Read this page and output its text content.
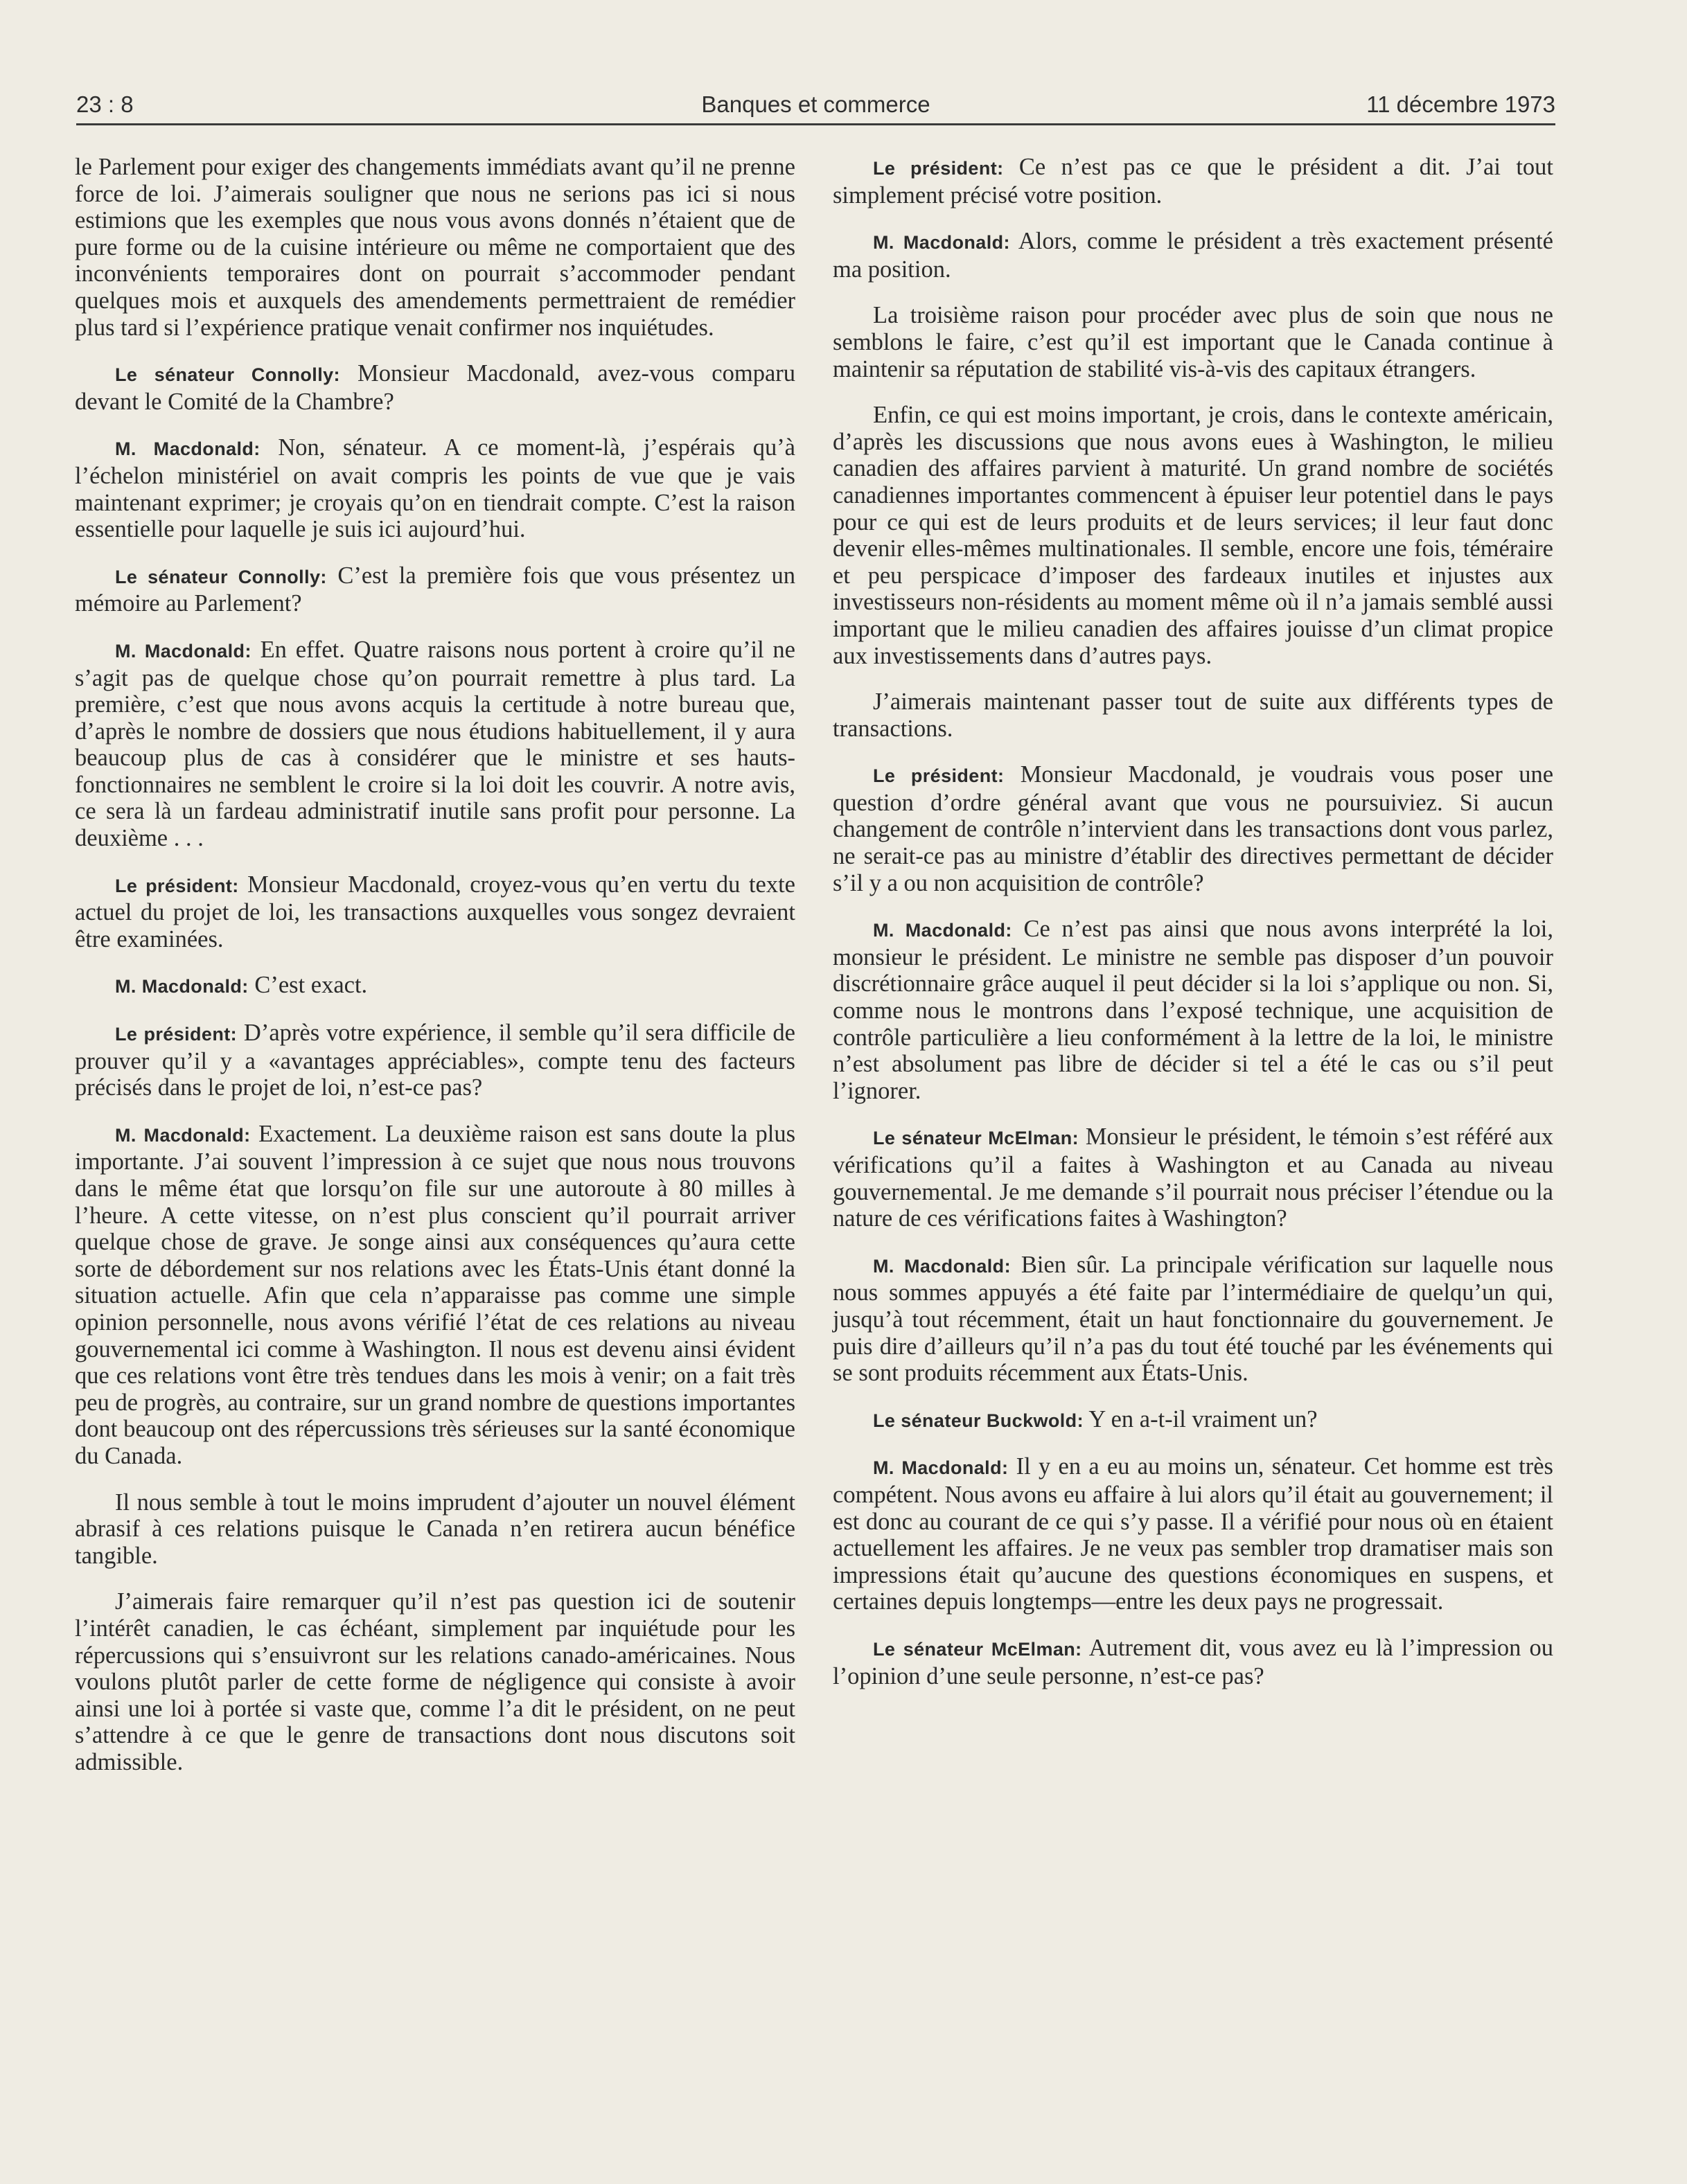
23 : 8	Banques et commerce	11 décembre 1973

le Parlement pour exiger des changements immédiats avant qu’il ne prenne force de loi. J’aimerais souligner que nous ne serions pas ici si nous estimions que les exemples que nous vous avons donnés n’étaient que de pure forme ou de la cuisine intérieure ou même ne comportaient que des inconvénients temporaires dont on pourrait s’accommoder pendant quelques mois et auxquels des amendements permettraient de remédier plus tard si l’expérience pratique venait confirmer nos inquiétudes.

Le sénateur Connolly: Monsieur Macdonald, avez-vous comparu devant le Comité de la Chambre?

M. Macdonald: Non, sénateur. A ce moment-là, j’espérais qu’à l’échelon ministériel on avait compris les points de vue que je vais maintenant exprimer; je croyais qu’on en tiendrait compte. C’est la raison essentielle pour laquelle je suis ici aujourd’hui.

Le sénateur Connolly: C’est la première fois que vous présentez un mémoire au Parlement?

M. Macdonald: En effet. Quatre raisons nous portent à croire qu’il ne s’agit pas de quelque chose qu’on pourrait remettre à plus tard. La première, c’est que nous avons acquis la certitude à notre bureau que, d’après le nombre de dossiers que nous étudions habituellement, il y aura beaucoup plus de cas à considérer que le ministre et ses hauts-fonctionnaires ne semblent le croire si la loi doit les couvrir. A notre avis, ce sera là un fardeau administratif inutile sans profit pour personne. La deuxième . . .

Le président: Monsieur Macdonald, croyez-vous qu’en vertu du texte actuel du projet de loi, les transactions auxquelles vous songez devraient être examinées.

M. Macdonald: C’est exact.

Le président: D’après votre expérience, il semble qu’il sera difficile de prouver qu’il y a «avantages appréciables», compte tenu des facteurs précisés dans le projet de loi, n’est-ce pas?

M. Macdonald: Exactement. La deuxième raison est sans doute la plus importante. J’ai souvent l’impression à ce sujet que nous nous trouvons dans le même état que lorsqu’on file sur une autoroute à 80 milles à l’heure. A cette vitesse, on n’est plus conscient qu’il pourrait arriver quelque chose de grave. Je songe ainsi aux conséquences qu’aura cette sorte de débordement sur nos relations avec les États-Unis étant donné la situation actuelle. Afin que cela n’apparaisse pas comme une simple opinion personnelle, nous avons vérifié l’état de ces relations au niveau gouvernemental ici comme à Washington. Il nous est devenu ainsi évident que ces relations vont être très tendues dans les mois à venir; on a fait très peu de progrès, au contraire, sur un grand nombre de questions importantes dont beaucoup ont des répercussions très sérieuses sur la santé économique du Canada.

Il nous semble à tout le moins imprudent d’ajouter un nouvel élément abrasif à ces relations puisque le Canada n’en retirera aucun bénéfice tangible.

J’aimerais faire remarquer qu’il n’est pas question ici de soutenir l’intérêt canadien, le cas échéant, simplement par inquiétude pour les répercussions qui s’ensuivront sur les relations canado-américaines. Nous voulons plutôt parler de cette forme de négligence qui consiste à avoir ainsi une loi à portée si vaste que, comme l’a dit le président, on ne peut s’attendre à ce que le genre de transactions dont nous discutons soit admissible.

Le président: Ce n’est pas ce que le président a dit. J’ai tout simplement précisé votre position.

M. Macdonald: Alors, comme le président a très exactement présenté ma position.

La troisième raison pour procéder avec plus de soin que nous ne semblons le faire, c’est qu’il est important que le Canada continue à maintenir sa réputation de stabilité vis-à-vis des capitaux étrangers.

Enfin, ce qui est moins important, je crois, dans le contexte américain, d’après les discussions que nous avons eues à Washington, le milieu canadien des affaires parvient à maturité. Un grand nombre de sociétés canadiennes importantes commencent à épuiser leur potentiel dans le pays pour ce qui est de leurs produits et de leurs services; il leur faut donc devenir elles-mêmes multinationales. Il semble, encore une fois, téméraire et peu perspicace d’imposer des fardeaux inutiles et injustes aux investisseurs non-résidents au moment même où il n’a jamais semblé aussi important que le milieu canadien des affaires jouisse d’un climat propice aux investissements dans d’autres pays.

J’aimerais maintenant passer tout de suite aux différents types de transactions.

Le président: Monsieur Macdonald, je voudrais vous poser une question d’ordre général avant que vous ne poursuiviez. Si aucun changement de contrôle n’intervient dans les transactions dont vous parlez, ne serait-ce pas au ministre d’établir des directives permettant de décider s’il y a ou non acquisition de contrôle?

M. Macdonald: Ce n’est pas ainsi que nous avons interprété la loi, monsieur le président. Le ministre ne semble pas disposer d’un pouvoir discrétionnaire grâce auquel il peut décider si la loi s’applique ou non. Si, comme nous le montrons dans l’exposé technique, une acquisition de contrôle particulière a lieu conformément à la lettre de la loi, le ministre n’est absolument pas libre de décider si tel a été le cas ou s’il peut l’ignorer.

Le sénateur McElman: Monsieur le président, le témoin s’est référé aux vérifications qu’il a faites à Washington et au Canada au niveau gouvernemental. Je me demande s’il pourrait nous préciser l’étendue ou la nature de ces vérifications faites à Washington?

M. Macdonald: Bien sûr. La principale vérification sur laquelle nous nous sommes appuyés a été faite par l’intermédiaire de quelqu’un qui, jusqu’à tout récemment, était un haut fonctionnaire du gouvernement. Je puis dire d’ailleurs qu’il n’a pas du tout été touché par les événements qui se sont produits récemment aux États-Unis.

Le sénateur Buckwold: Y en a-t-il vraiment un?

M. Macdonald: Il y en a eu au moins un, sénateur. Cet homme est très compétent. Nous avons eu affaire à lui alors qu’il était au gouvernement; il est donc au courant de ce qui s’y passe. Il a vérifié pour nous où en étaient actuellement les affaires. Je ne veux pas sembler trop dramatiser mais son impressions était qu’aucune des questions économiques en suspens, et certaines depuis longtemps—entre les deux pays ne progressait.

Le sénateur McElman: Autrement dit, vous avez eu là l’impression ou l’opinion d’une seule personne, n’est-ce pas?
